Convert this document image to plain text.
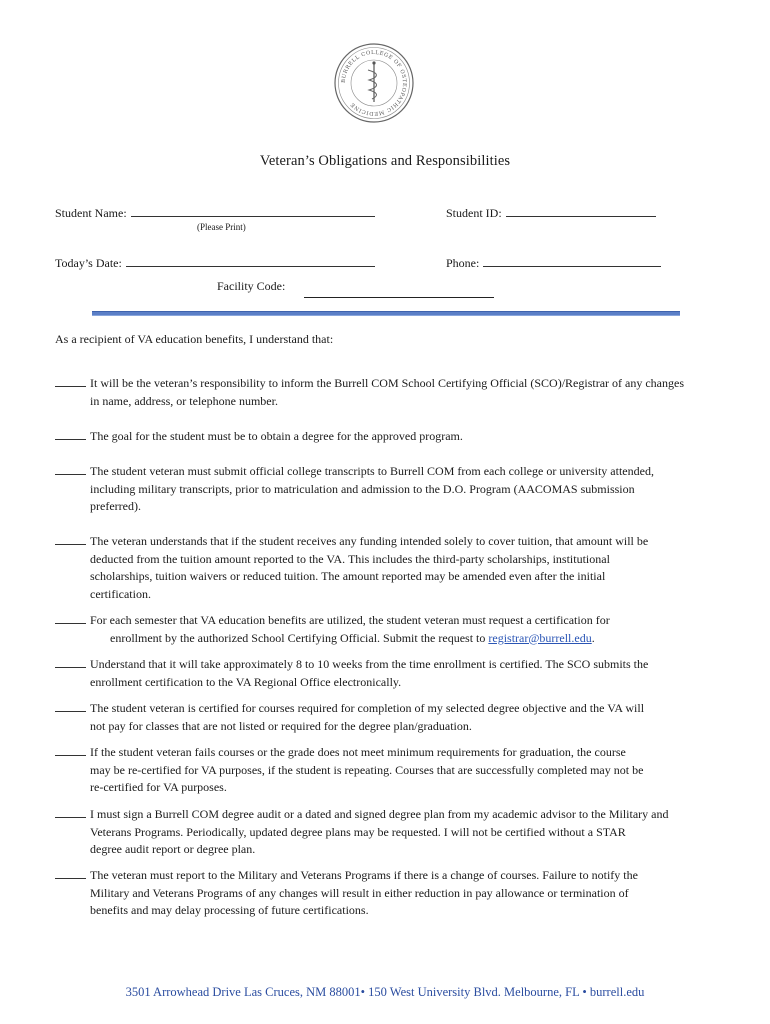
BURRELL COLLEGE OF OSTEOPATHIC MEDICINE
Veteran’s Obligations and Responsibilities
Student Name:
(Please Print)
Student ID:
Today’s Date:	Phone:
Facility Code:
As a recipient of VA education benefits, I understand that:
It will be the veteran’s responsibility to inform the Burrell COM School Certifying Official (SCO)/Registrar of any changes
in name, address, or telephone number.
The goal for the student must be to obtain a degree for the approved program.
The student veteran must submit official college transcripts to Burrell COM from each college or university attended,
including military transcripts, prior to matriculation and admission to the D.O. Program (AACOMAS submission
preferred).
The veteran understands that if the student receives any funding intended solely to cover tuition, that amount will be
deducted from the tuition amount reported to the VA. This includes the third-party scholarships, institutional
scholarships, tuition waivers or reduced tuition. The amount reported may be amended even after the initial
certification.
For each semester that VA education benefits are utilized, the student veteran must request a certification for
enrollment by the authorized School Certifying Official. Submit the request to registrar@burrell.edu.
Understand that it will take approximately 8 to 10 weeks from the time enrollment is certified. The SCO submits the
enrollment certification to the VA Regional Office electronically.
The student veteran is certified for courses required for completion of my selected degree objective and the VA will
not pay for classes that are not listed or required for the degree plan/graduation.
If the student veteran fails courses or the grade does not meet minimum requirements for graduation, the course
may be re-certified for VA purposes, if the student is repeating. Courses that are successfully completed may not be
re-certified for VA purposes.
I must sign a Burrell COM degree audit or a dated and signed degree plan from my academic advisor to the Military and
Veterans Programs. Periodically, updated degree plans may be requested. I will not be certified without a STAR
degree audit report or degree plan.
The veteran must report to the Military and Veterans Programs if there is a change of courses. Failure to notify the
Military and Veterans Programs of any changes will result in either reduction in pay allowance or termination of
benefits and may delay processing of future certifications.
3501 Arrowhead Drive Las Cruces, NM 88001• 150 West University Blvd. Melbourne, FL • burrell.edu
